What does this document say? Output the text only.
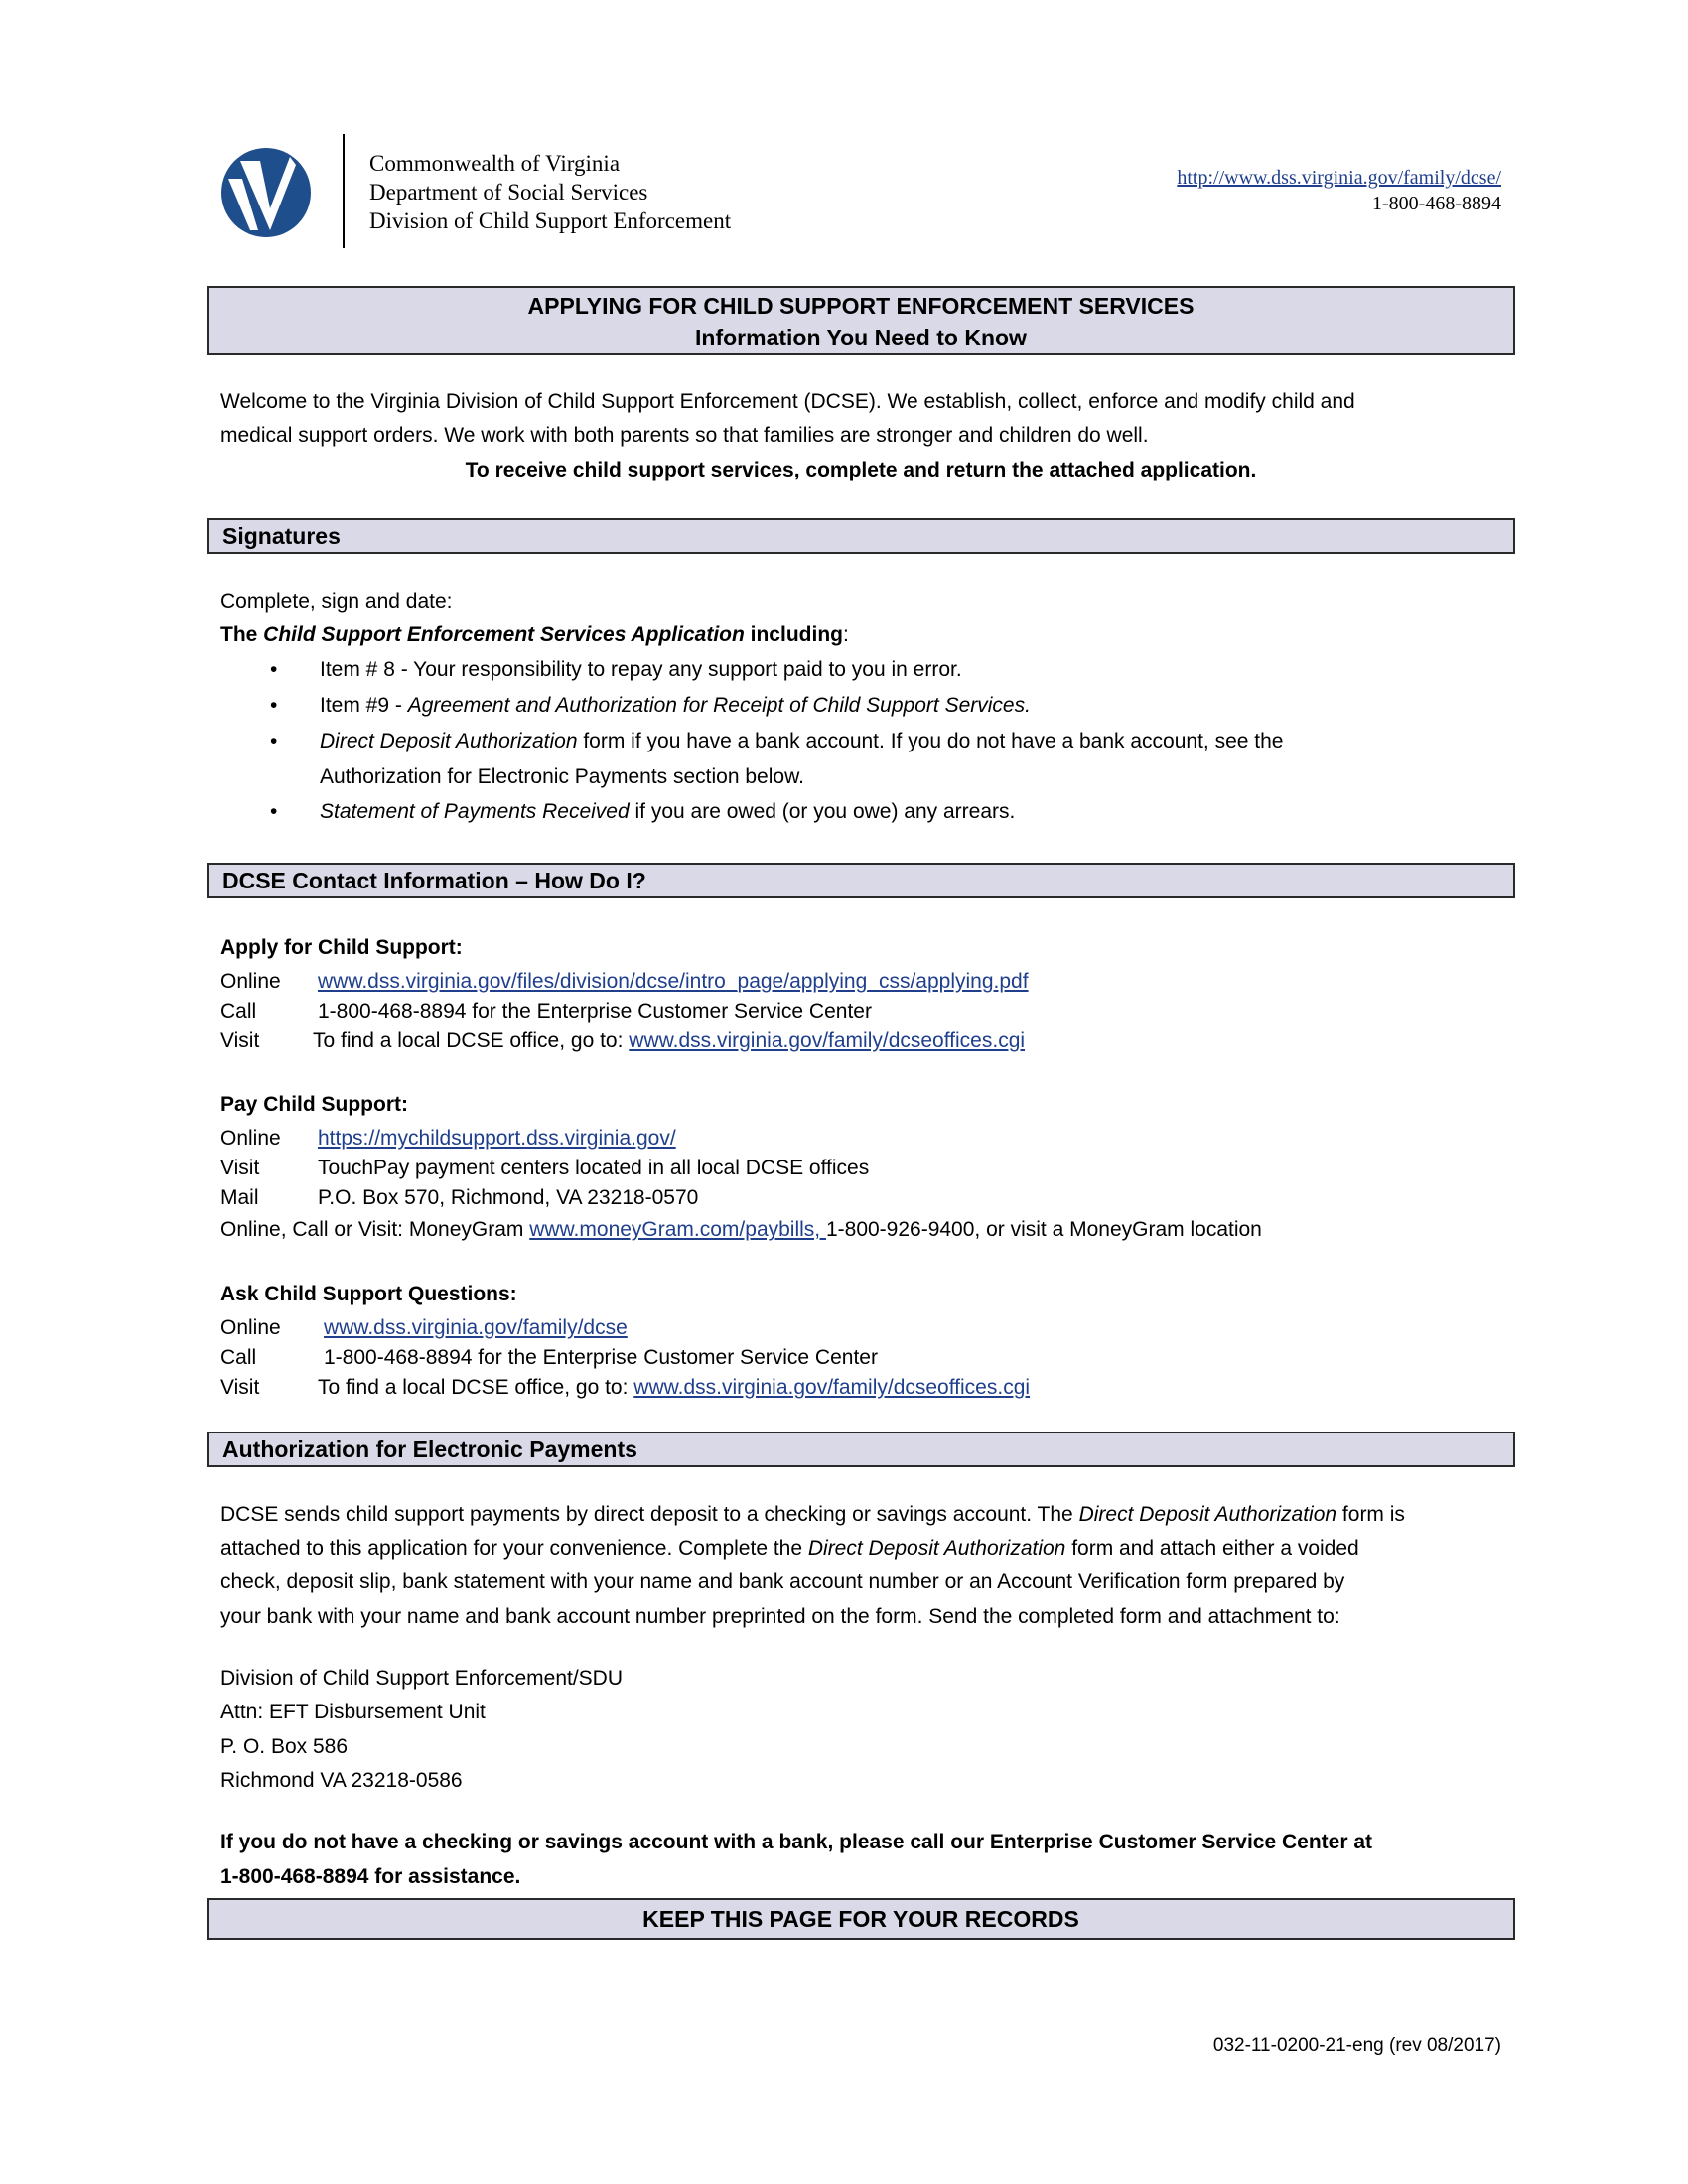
Commonwealth of Virginia
Department of Social Services
Division of Child Support Enforcement
http://www.dss.virginia.gov/family/dcse/
1-800-468-8894
APPLYING FOR CHILD SUPPORT ENFORCEMENT SERVICES
Information You Need to Know
Welcome to the Virginia Division of Child Support Enforcement (DCSE). We establish, collect, enforce and modify child and
medical support orders. We work with both parents so that families are stronger and children do well.
To receive child support services, complete and return the attached application.
Signatures
Complete, sign and date:
The Child Support Enforcement Services Application including:
• Item # 8 - Your responsibility to repay any support paid to you in error.
• Item #9 - Agreement and Authorization for Receipt of Child Support Services.
• Direct Deposit Authorization form if you have a bank account. If you do not have a bank account, see the
Authorization for Electronic Payments section below.
• Statement of Payments Received if you are owed (or you owe) any arrears.
DCSE Contact Information – How Do I?
Apply for Child Support:
Online www.dss.virginia.gov/files/division/dcse/intro_page/applying_css/applying.pdf
Call	1-800-468-8894 for the Enterprise Customer Service Center
Visit	To find a local DCSE office, go to: www.dss.virginia.gov/family/dcseoffices.cgi
Pay Child Support:
Online https://mychildsupport.dss.virginia.gov/
Visit	TouchPay payment centers located in all local DCSE offices
Mail	P.O. Box 570, Richmond, VA 23218-0570
Online, Call or Visit: MoneyGram www.moneyGram.com/paybills, 1-800-926-9400, or visit a MoneyGram location
Ask Child Support Questions:
Online www.dss.virginia.gov/family/dcse
Call	1-800-468-8894 for the Enterprise Customer Service Center
Visit	To find a local DCSE office, go to: www.dss.virginia.gov/family/dcseoffices.cgi
Authorization for Electronic Payments
DCSE sends child support payments by direct deposit to a checking or savings account. The Direct Deposit Authorization form is
attached to this application for your convenience. Complete the Direct Deposit Authorization form and attach either a voided
check, deposit slip, bank statement with your name and bank account number or an Account Verification form prepared by
your bank with your name and bank account number preprinted on the form. Send the completed form and attachment to:
Division of Child Support Enforcement/SDU
Attn: EFT Disbursement Unit
P. O. Box 586
Richmond VA 23218-0586
If you do not have a checking or savings account with a bank, please call our Enterprise Customer Service Center at
1-800-468-8894 for assistance.
KEEP THIS PAGE FOR YOUR RECORDS
032-11-0200-21-eng (rev 08/2017)
